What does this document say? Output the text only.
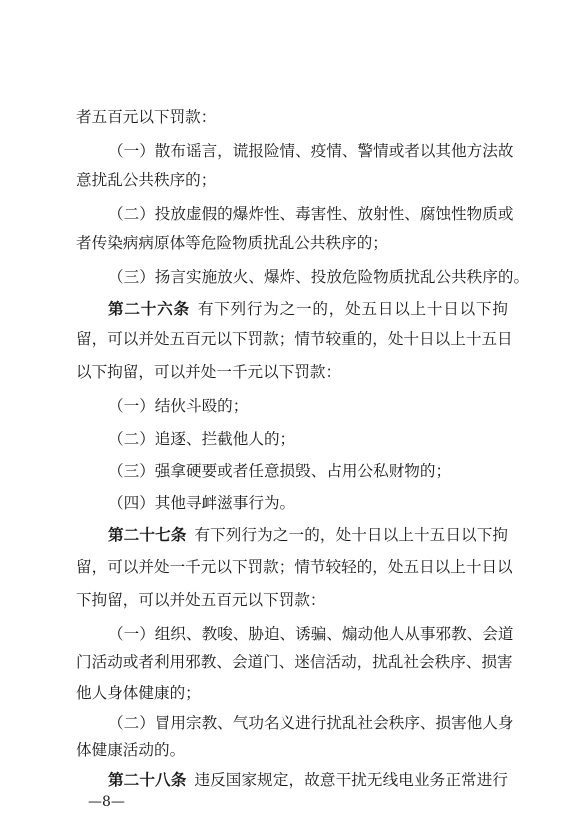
者五百元以下罚款：
（一）散布谣言，谎报险情、疫情、警情或者以其他方法故
意扰乱公共秩序的；
（二）投放虚假的爆炸性、毒害性、放射性、腐蚀性物质或
者传染病病原体等危险物质扰乱公共秩序的；
（三）扬言实施放火、爆炸、投放危险物质扰乱公共秩序的。
第二十六条 有下列行为之一的，处五日以上十日以下拘
留，可以并处五百元以下罚款；情节较重的，处十日以上十五日
以下拘留，可以并处一千元以下罚款：
（一）结伙斗殴的；
（二）追逐、拦截他人的；
（三）强拿硬要或者任意损毁、占用公私财物的；
（四）其他寻衅滋事行为。
第二十七条 有下列行为之一的，处十日以上十五日以下拘
留，可以并处一千元以下罚款；情节较轻的，处五日以上十日以
下拘留，可以并处五百元以下罚款：
（一）组织、教唆、胁迫、诱骗、煽动他人从事邪教、会道
门活动或者利用邪教、会道门、迷信活动，扰乱社会秩序、损害
他人身体健康的；
（二）冒用宗教、气功名义进行扰乱社会秩序、损害他人身
体健康活动的。
第二十八条 违反国家规定，故意干扰无线电业务正常进行
—8—
